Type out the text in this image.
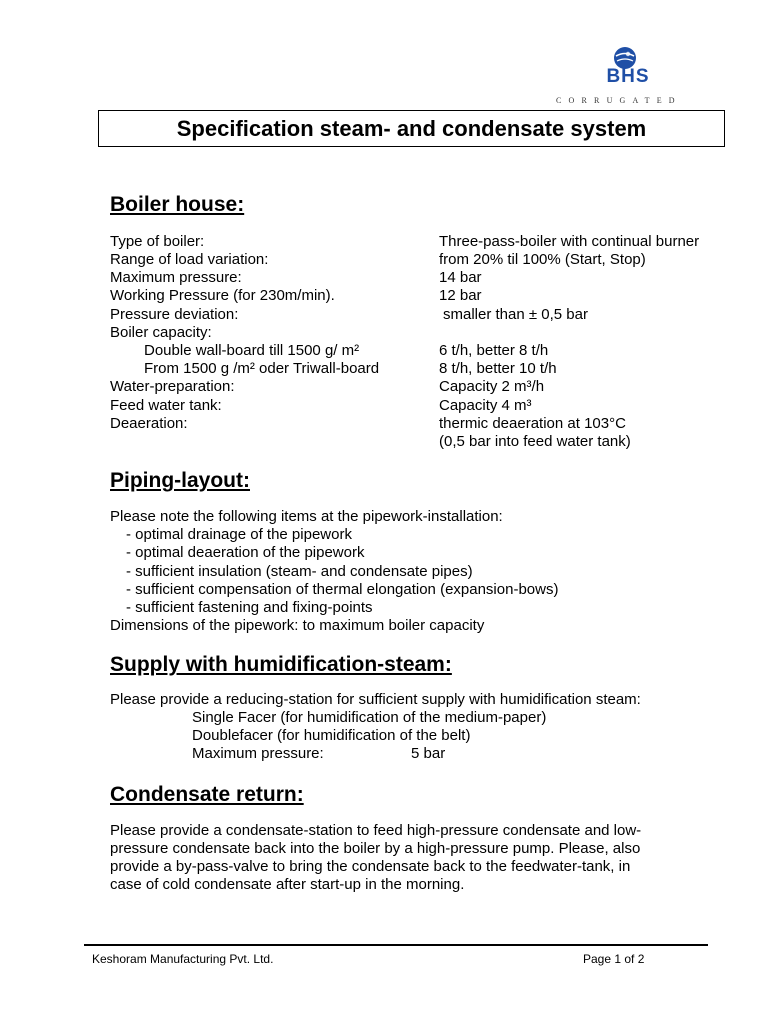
BHS
CORRUGATED
Specification steam- and condensate system
Boiler house:
Type of boiler:	Three-pass-boiler with continual burner
Range of load variation:	from 20% til 100% (Start, Stop)
Maximum pressure:	14 bar
Working Pressure (for 230m/min).	12 bar
Pressure deviation:	smaller than ± 0,5 bar
Boiler capacity:
Double wall-board till 1500 g/ m²	6 t/h, better 8 t/h
From 1500 g /m² oder Triwall-board	8 t/h, better 10 t/h
Water-preparation:	Capacity 2 m³/h
Feed water tank:	Capacity 4 m³
Deaeration:	thermic deaeration at 103°C
(0,5 bar into feed water tank)
Piping-layout:
Please note the following items at the pipework-installation:
- optimal drainage of the pipework
- optimal deaeration of the pipework
- sufficient insulation (steam- and condensate pipes)
- sufficient compensation of thermal elongation (expansion-bows)
- sufficient fastening and fixing-points
Dimensions of the pipework: to maximum boiler capacity
Supply with humidification-steam:
Please provide a reducing-station for sufficient supply with humidification steam:
Single Facer (for humidification of the medium-paper)
Doublefacer (for humidification of the belt)
Maximum pressure:	5 bar
Condensate return:
Please provide a condensate-station to feed high-pressure condensate and low-
pressure condensate back into the boiler by a high-pressure pump. Please, also
provide a by-pass-valve to bring the condensate back to the feedwater-tank, in
case of cold condensate after start-up in the morning.
Keshoram Manufacturing Pvt. Ltd.	Page 1 of 2
